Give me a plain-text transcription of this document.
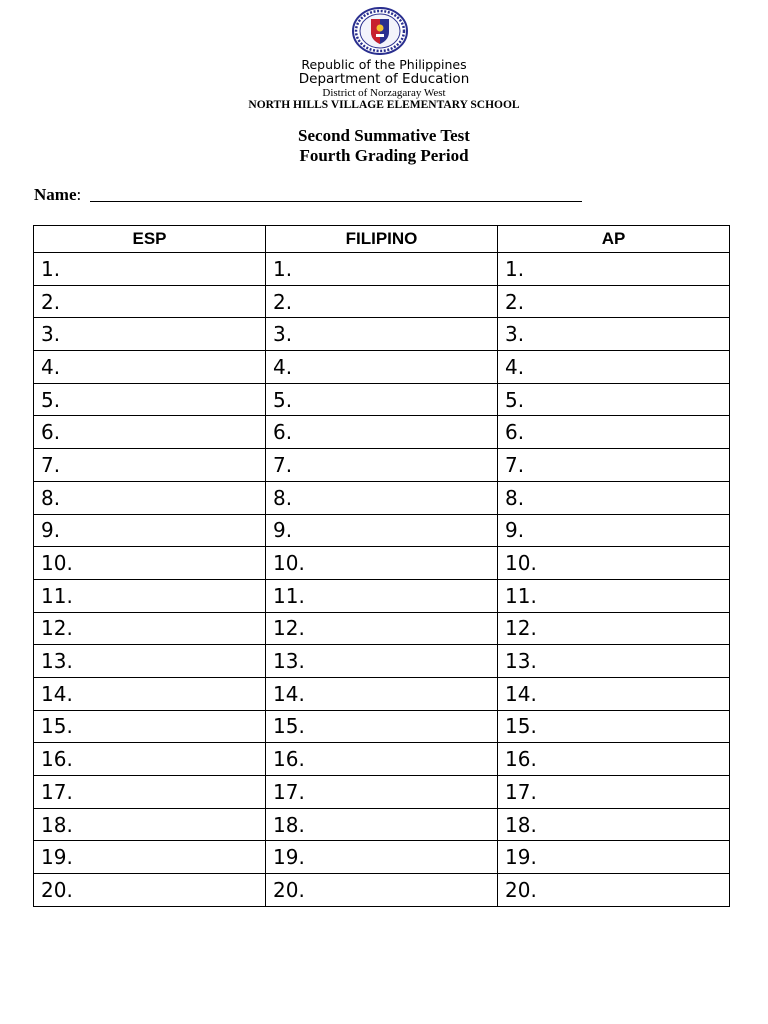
Republic of the Philippines
Department of Education
District of Norzagaray West
NORTH HILLS VILLAGE ELEMENTARY SCHOOL
Second Summative Test
Fourth Grading Period
Name:
ESP	FILIPINO	AP
1.	1.	1.
2.	2.	2.
3.	3.	3.
4.	4.	4.
5.	5.	5.
6.	6.	6.
7.	7.	7.
8.	8.	8.
9.	9.	9.
10.	10.	10.
11.	11.	11.
12.	12.	12.
13.	13.	13.
14.	14.	14.
15.	15.	15.
16.	16.	16.
17.	17.	17.
18.	18.	18.
19.	19.	19.
20.	20.	20.
